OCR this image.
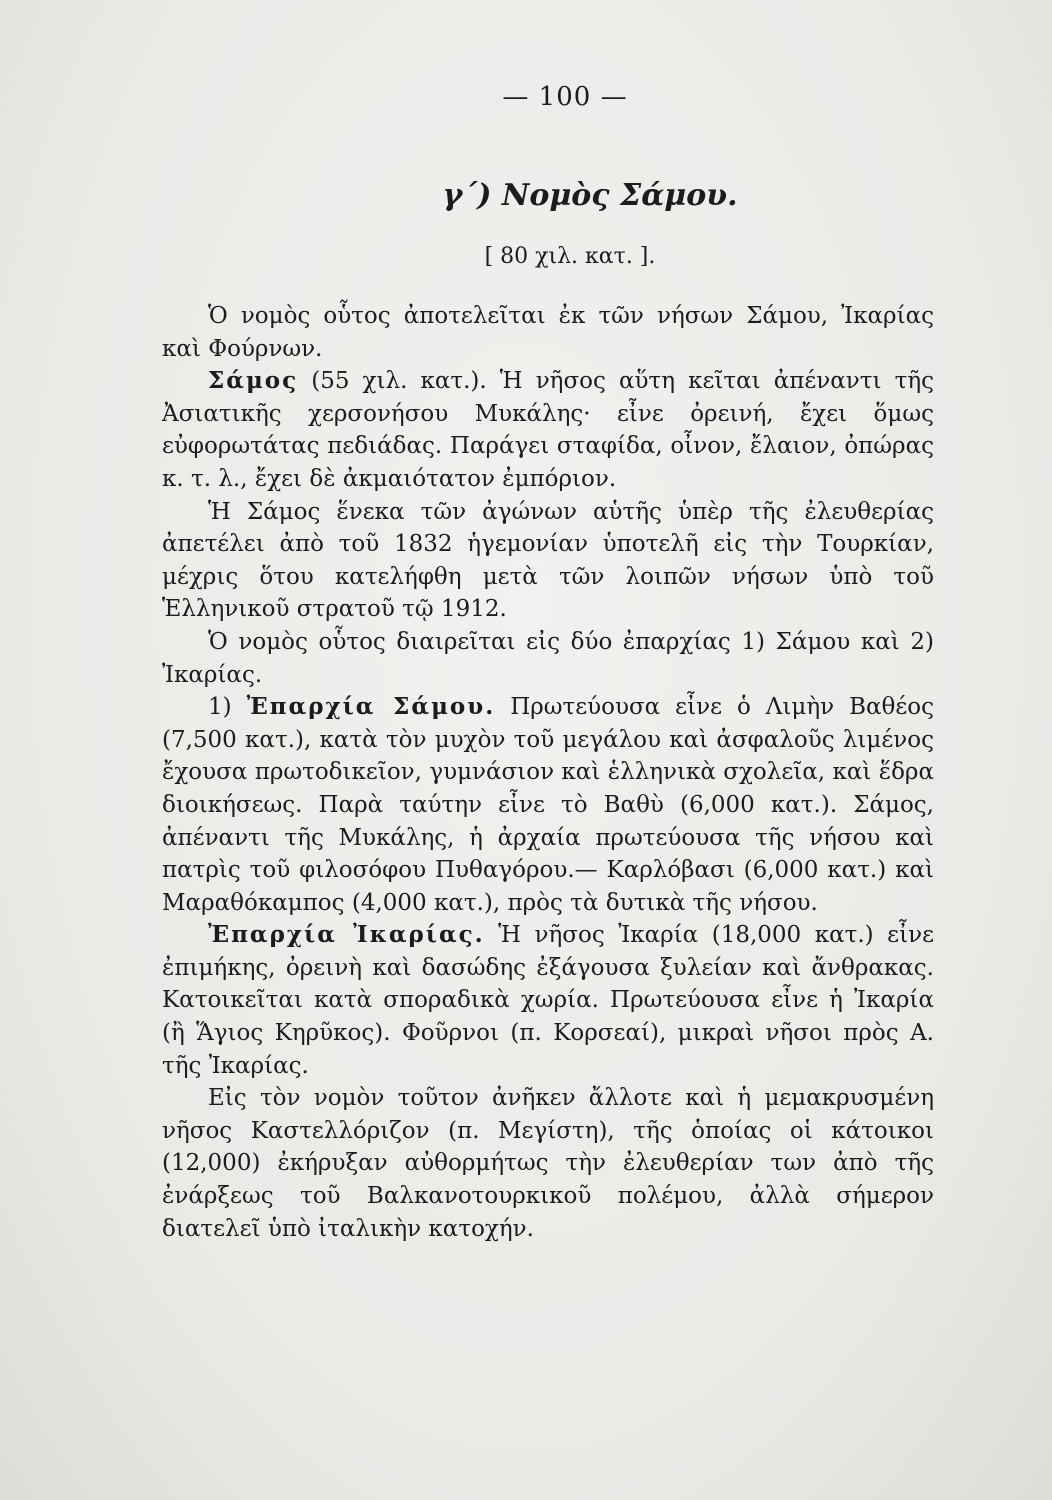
— 100 —
γ΄) Νομὸς Σάμου.
[ 80 χιλ. κατ. ].

Ὁ νομὸς οὗτος ἀποτελεῖται ἐκ τῶν νήσων Σάμου, Ἰκαρίας καὶ Φούρνων.

Σάμος (55 χιλ. κατ.). Ἡ νῆσος αὕτη κεῖται ἀπέναντι τῆς Ἀσιατικῆς χερσονήσου Μυκάλης· εἶνε ὀρεινή, ἔχει ὅμως εὐφορωτάτας πεδιάδας. Παράγει σταφίδα, οἶνον, ἔλαιον, ὀπώρας κ. τ. λ., ἔχει δὲ ἀκμαιότατον ἐμπόριον.

Ἡ Σάμος ἕνεκα τῶν ἀγώνων αὑτῆς ὑπὲρ τῆς ἐλευθερίας ἀπετέλει ἀπὸ τοῦ 1832 ἡγεμονίαν ὑποτελῆ εἰς τὴν Τουρκίαν, μέχρις ὅτου κατελήφθη μετὰ τῶν λοιπῶν νήσων ὑπὸ τοῦ Ἑλληνικοῦ στρατοῦ τῷ 1912.

Ὁ νομὸς οὗτος διαιρεῖται εἰς δύο ἐπαρχίας 1) Σάμου καὶ 2) Ἰκαρίας.

1) Ἐπαρχία Σάμου. Πρωτεύουσα εἶνε ὁ Λιμὴν Βαθέος (7,500 κατ.), κατὰ τὸν μυχὸν τοῦ μεγάλου καὶ ἀσφαλοῦς λιμένος ἔχουσα πρωτοδικεῖον, γυμνάσιον καὶ ἑλληνικὰ σχολεῖα, καὶ ἕδρα διοικήσεως. Παρὰ ταύτην εἶνε τὸ Βαθὺ (6,000 κατ.). Σάμος, ἀπέναντι τῆς Μυκάλης, ἡ ἀρχαία πρωτεύουσα τῆς νήσου καὶ πατρὶς τοῦ φιλοσόφου Πυθαγόρου.— Καρλόβασι (6,000 κατ.) καὶ Μαραθόκαμπος (4,000 κατ.), πρὸς τὰ δυτικὰ τῆς νήσου.

Ἐπαρχία Ἰκαρίας. Ἡ νῆσος Ἰκαρία (18,000 κατ.) εἶνε ἐπιμήκης, ὀρεινὴ καὶ δασώδης ἐξάγουσα ξυλείαν καὶ ἄνθρακας. Κατοικεῖται κατὰ σποραδικὰ χωρία. Πρωτεύουσα εἶνε ἡ Ἰκαρία (ἢ Ἅγιος Κηρῦκος). Φοῦρνοι (π. Κορσεαί), μικραὶ νῆσοι πρὸς Α. τῆς Ἰκαρίας.

Εἰς τὸν νομὸν τοῦτον ἀνῆκεν ἄλλοτε καὶ ἡ μεμακρυσμένη νῆσος Καστελλόριζον (π. Μεγίστη), τῆς ὁποίας οἱ κάτοικοι (12,000) ἐκήρυξαν αὐθορμήτως τὴν ἐλευθερίαν των ἀπὸ τῆς ἐνάρξεως τοῦ Βαλκανοτουρκικοῦ πολέμου, ἀλλὰ σήμερον διατελεῖ ὑπὸ ἰταλικὴν κατοχήν.
